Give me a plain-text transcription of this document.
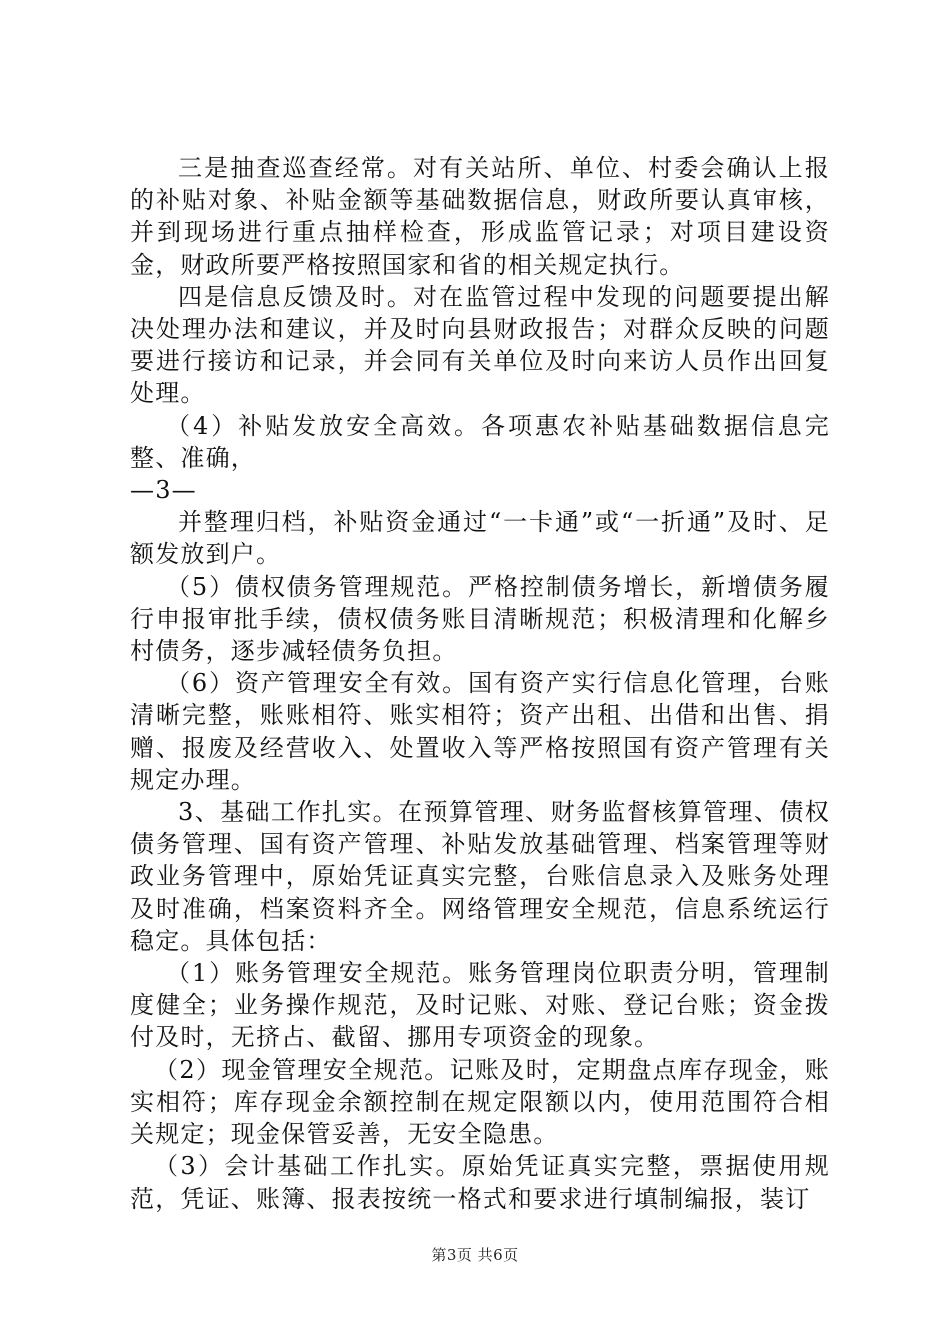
三是抽查巡查经常。对有关站所、单位、村委会确认上报的补贴对象、补贴金额等基础数据信息，财政所要认真审核，并到现场进行重点抽样检查，形成监管记录；对项目建设资金，财政所要严格按照国家和省的相关规定执行。

四是信息反馈及时。对在监管过程中发现的问题要提出解决处理办法和建议，并及时向县财政报告；对群众反映的问题要进行接访和记录，并会同有关单位及时向来访人员作出回复处理。

（4）补贴发放安全高效。各项惠农补贴基础数据信息完整、准确，

—3—

并整理归档，补贴资金通过“一卡通”或“一折通”及时、足额发放到户。

（5）债权债务管理规范。严格控制债务增长，新增债务履行申报审批手续，债权债务账目清晰规范；积极清理和化解乡村债务，逐步减轻债务负担。

（6）资产管理安全有效。国有资产实行信息化管理，台账清晰完整，账账相符、账实相符；资产出租、出借和出售、捐赠、报废及经营收入、处置收入等严格按照国有资产管理有关规定办理。

3、基础工作扎实。在预算管理、财务监督核算管理、债权债务管理、国有资产管理、补贴发放基础管理、档案管理等财政业务管理中，原始凭证真实完整，台账信息录入及账务处理及时准确，档案资料齐全。网络管理安全规范，信息系统运行稳定。具体包括：

（1）账务管理安全规范。账务管理岗位职责分明，管理制度健全；业务操作规范，及时记账、对账、登记台账；资金拨付及时，无挤占、截留、挪用专项资金的现象。

（2）现金管理安全规范。记账及时，定期盘点库存现金，账实相符；库存现金余额控制在规定限额以内，使用范围符合相关规定；现金保管妥善，无安全隐患。

（3）会计基础工作扎实。原始凭证真实完整，票据使用规范，凭证、账簿、报表按统一格式和要求进行填制编报，装订

第3页 共6页
